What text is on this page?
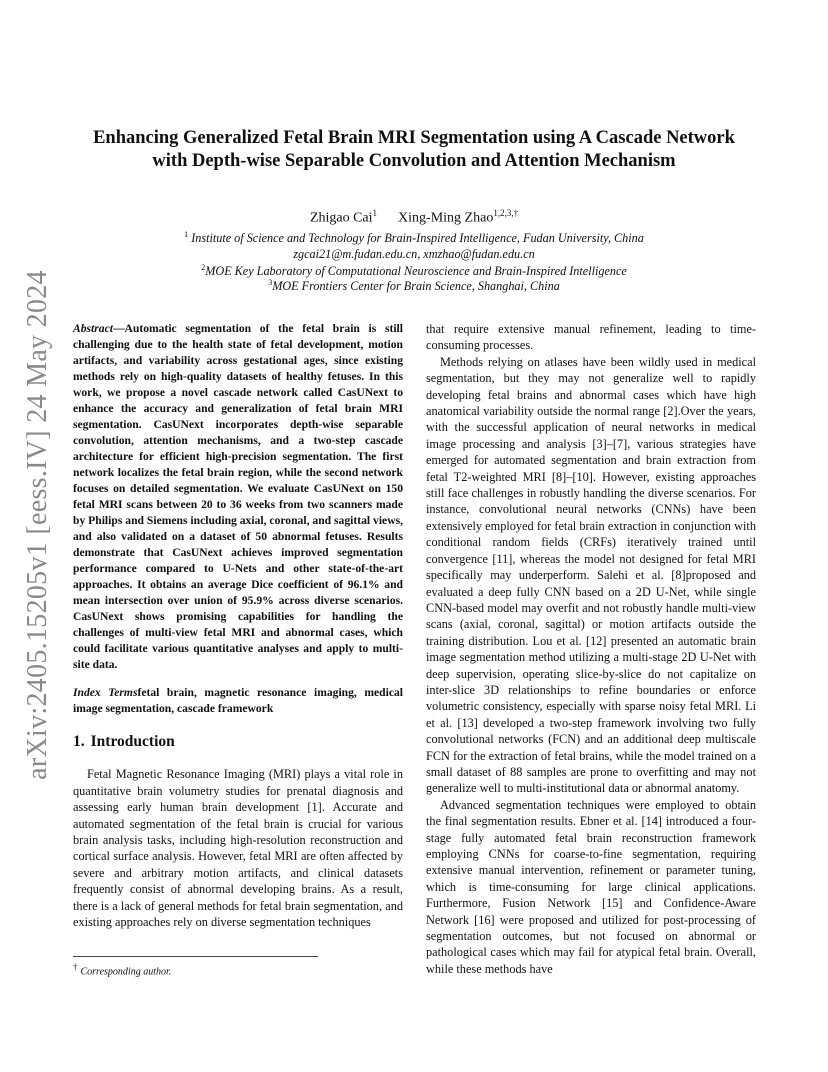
arXiv:2405.15205v1 [eess.IV] 24 May 2024
Enhancing Generalized Fetal Brain MRI Segmentation using A Cascade Network
with Depth-wise Separable Convolution and Attention Mechanism
Zhigao Cai$^1$ Xing-Ming Zhao$^{1,2,3,\dagger}$
$^1$ Institute of Science and Technology for Brain-Inspired Intelligence, Fudan University, China
zgcai21@m.fudan.edu.cn, xmzhao@fudan.edu.cn
$^2$MOE Key Laboratory of Computational Neuroscience and Brain-Inspired Intelligence
$^3$MOE Frontiers Center for Brain Science, Shanghai, China

Abstract—Automatic segmentation of the fetal brain is still challenging due to the health state of fetal development, motion artifacts, and variability across gestational ages, since existing methods rely on high-quality datasets of healthy fetuses. In this work, we propose a novel cascade network called CasUNext to enhance the accuracy and generalization of fetal brain MRI segmentation. CasUNext incorporates depth-wise separable convolution, attention mechanisms, and a two-step cascade architecture for efficient high-precision segmentation. The first network localizes the fetal brain region, while the second network focuses on detailed segmentation. We evaluate CasUNext on 150 fetal MRI scans between 20 to 36 weeks from two scanners made by Philips and Siemens including axial, coronal, and sagittal views, and also validated on a dataset of 50 abnormal fetuses. Results demonstrate that CasUNext achieves improved segmentation performance compared to U-Nets and other state-of-the-art approaches. It obtains an average Dice coefficient of 96.1% and mean intersection over union of 95.9% across diverse scenarios. CasUNext shows promising capabilities for handling the challenges of multi-view fetal MRI and abnormal cases, which could facilitate various quantitative analyses and apply to multi-site data.

Index Termsfetal brain, magnetic resonance imaging, medical image segmentation, cascade framework

1. Introduction

Fetal Magnetic Resonance Imaging (MRI) plays a vital role in quantitative brain volumetry studies for prenatal diagnosis and assessing early human brain development [1]. Accurate and automated segmentation of the fetal brain is crucial for various brain analysis tasks, including high-resolution reconstruction and cortical surface analysis. However, fetal MRI are often affected by severe and arbitrary motion artifacts, and clinical datasets frequently consist of abnormal developing brains. As a result, there is a lack of general methods for fetal brain segmentation, and existing approaches rely on diverse segmentation techniques

that require extensive manual refinement, leading to time-consuming processes.

Methods relying on atlases have been wildly used in medical segmentation, but they may not generalize well to rapidly developing fetal brains and abnormal cases which have high anatomical variability outside the normal range [2].Over the years, with the successful application of neural networks in medical image processing and analysis [3]–[7], various strategies have emerged for automated segmentation and brain extraction from fetal T2-weighted MRI [8]–[10]. However, existing approaches still face challenges in robustly handling the diverse scenarios. For instance, convolutional neural networks (CNNs) have been extensively employed for fetal brain extraction in conjunction with conditional random fields (CRFs) iteratively trained until convergence [11], whereas the model not designed for fetal MRI specifically may underperform. Salehi et al. [8]proposed and evaluated a deep fully CNN based on a 2D U-Net, while single CNN-based model may overfit and not robustly handle multi-view scans (axial, coronal, sagittal) or motion artifacts outside the training distribution. Lou et al. [12] presented an automatic brain image segmentation method utilizing a multi-stage 2D U-Net with deep supervision, operating slice-by-slice do not capitalize on inter-slice 3D relationships to refine boundaries or enforce volumetric consistency, especially with sparse noisy fetal MRI. Li et al. [13] developed a two-step framework involving two fully convolutional networks (FCN) and an additional deep multiscale FCN for the extraction of fetal brains, while the model trained on a small dataset of 88 samples are prone to overfitting and may not generalize well to multi-institutional data or abnormal anatomy.

Advanced segmentation techniques were employed to obtain the final segmentation results. Ebner et al. [14] introduced a four-stage fully automated fetal brain reconstruction framework employing CNNs for coarse-to-fine segmentation, requiring extensive manual intervention, refinement or parameter tuning, which is time-consuming for large clinical applications. Furthermore, Fusion Network [15] and Confidence-Aware Network [16] were proposed and utilized for post-processing of segmentation outcomes, but not focused on abnormal or pathological cases which may fail for atypical fetal brain. Overall, while these methods have

† Corresponding author.
